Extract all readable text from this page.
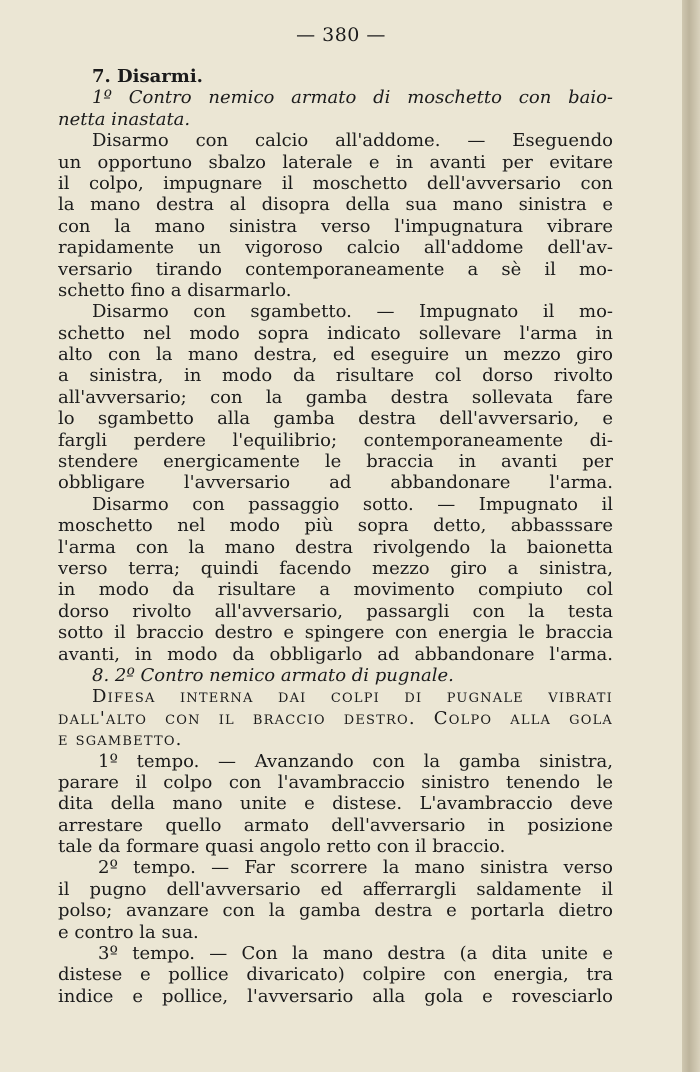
— 380 —
7. Disarmi.
1º Contro nemico armato di moschetto con baio-
netta inastata.
Disarmo con calcio all'addome. — Eseguendo
un opportuno sbalzo laterale e in avanti per evitare
il colpo, impugnare il moschetto dell'avversario con
la mano destra al disopra della sua mano sinistra e
con la mano sinistra verso l'impugnatura vibrare
rapidamente un vigoroso calcio all'addome dell'av-
versario tirando contemporaneamente a sè il mo-
schetto fino a disarmarlo.
Disarmo con sgambetto. — Impugnato il mo-
schetto nel modo sopra indicato sollevare l'arma in
alto con la mano destra, ed eseguire un mezzo giro
a sinistra, in modo da risultare col dorso rivolto
all'avversario; con la gamba destra sollevata fare
lo sgambetto alla gamba destra dell'avversario, e
fargli perdere l'equilibrio; contemporaneamente di-
stendere energicamente le braccia in avanti per
obbligare l'avversario ad abbandonare l'arma.
Disarmo con passaggio sotto. — Impugnato il
moschetto nel modo più sopra detto, abbasssare
l'arma con la mano destra rivolgendo la baionetta
verso terra; quindi facendo mezzo giro a sinistra,
in modo da risultare a movimento compiuto col
dorso rivolto all'avversario, passargli con la testa
sotto il braccio destro e spingere con energia le braccia
avanti, in modo da obbligarlo ad abbandonare l'arma.
8. 2º Contro nemico armato di pugnale.
Difesa interna dai colpi di pugnale vibrati
dall'alto con il braccio destro. Colpo alla gola
e sgambetto.
1º tempo. — Avanzando con la gamba sinistra,
parare il colpo con l'avambraccio sinistro tenendo le
dita della mano unite e distese. L'avambraccio deve
arrestare quello armato dell'avversario in posizione
tale da formare quasi angolo retto con il braccio.
2º tempo. — Far scorrere la mano sinistra verso
il pugno dell'avversario ed afferrargli saldamente il
polso; avanzare con la gamba destra e portarla dietro
e contro la sua.
3º tempo. — Con la mano destra (a dita unite e
distese e pollice divaricato) colpire con energia, tra
indice e pollice, l'avversario alla gola e rovesciarlo
